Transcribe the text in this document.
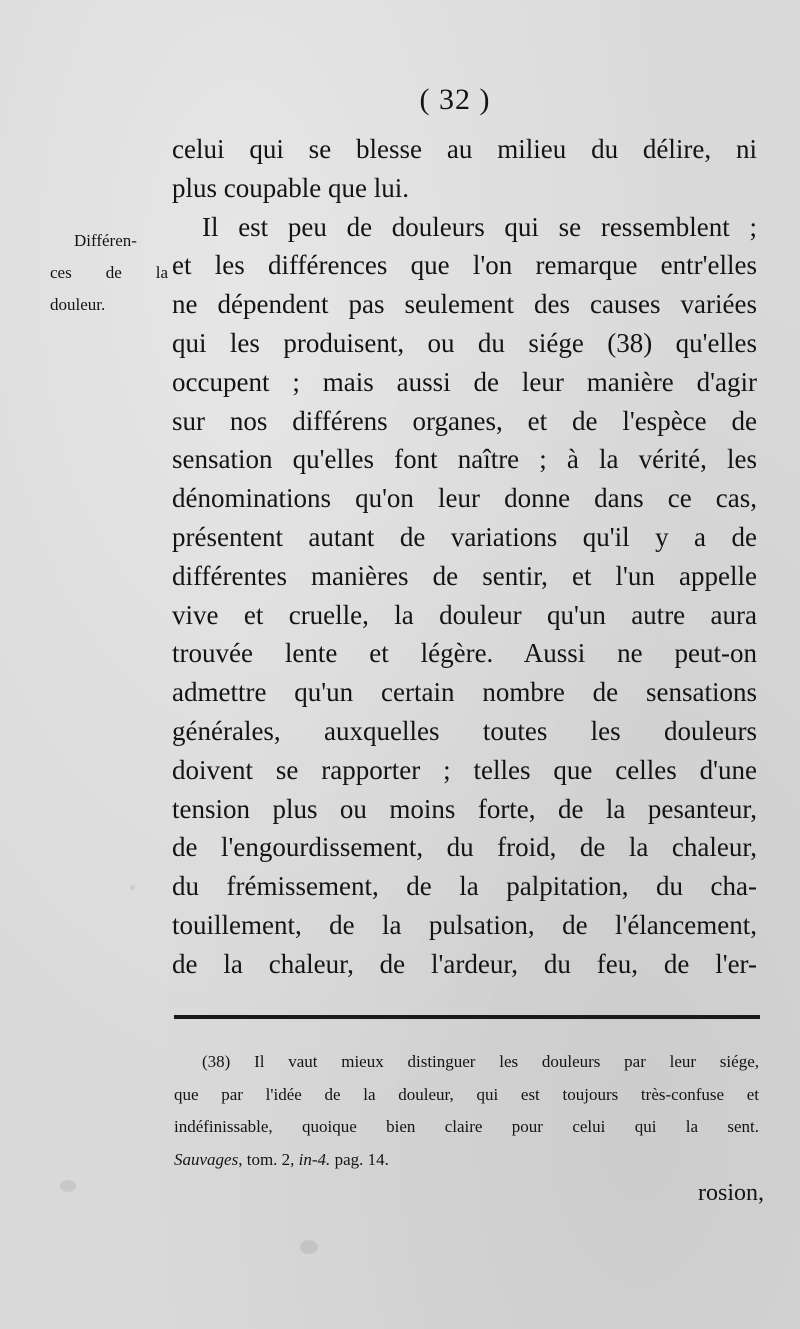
( 32 )
Différen-
ces de la
douleur.
celui qui se blesse au milieu du délire, ni
plus coupable que lui.
Il est peu de douleurs qui se ressemblent ;
et les différences que l'on remarque entr'elles
ne dépendent pas seulement des causes variées
qui les produisent, ou du siége (38) qu'elles
occupent ; mais aussi de leur manière d'agir
sur nos différens organes, et de l'espèce de
sensation qu'elles font naître ; à la vérité, les
dénominations qu'on leur donne dans ce cas,
présentent autant de variations qu'il y a de
différentes manières de sentir, et l'un appelle
vive et cruelle, la douleur qu'un autre aura
trouvée lente et légère. Aussi ne peut-on
admettre qu'un certain nombre de sensations
générales, auxquelles toutes les douleurs
doivent se rapporter ; telles que celles d'une
tension plus ou moins forte, de la pesanteur,
de l'engourdissement, du froid, de la chaleur,
du frémissement, de la palpitation, du cha-
touillement, de la pulsation, de l'élancement,
de la chaleur, de l'ardeur, du feu, de l'er-
(38) Il vaut mieux distinguer les douleurs par leur siége,
que par l'idée de la douleur, qui est toujours très-confuse et
indéfinissable, quoique bien claire pour celui qui la sent.
Sauvages, tom. 2, in-4. pag. 14.
rosion,
